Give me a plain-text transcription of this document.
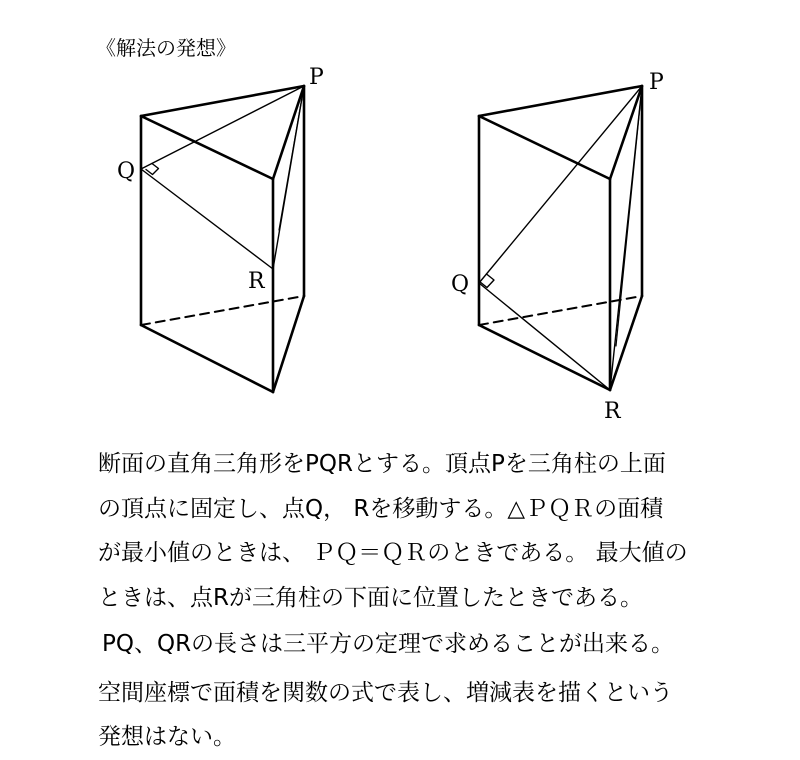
《解法の発想》
P
Q
R
P
Q
R

断面の直角三角形をPQRとする。頂点Pを三角柱の上面

の頂点に固定し、点Q， Rを移動する。△ＰＱＲの面積

が最小値のときは、 ＰＱ＝ＱＲのときである。 最大値の

ときは、点Rが三角柱の下面に位置したときである。

PQ、QRの長さは三平方の定理で求めることが出来る。

空間座標で面積を関数の式で表し、増減表を描くという

発想はない。
